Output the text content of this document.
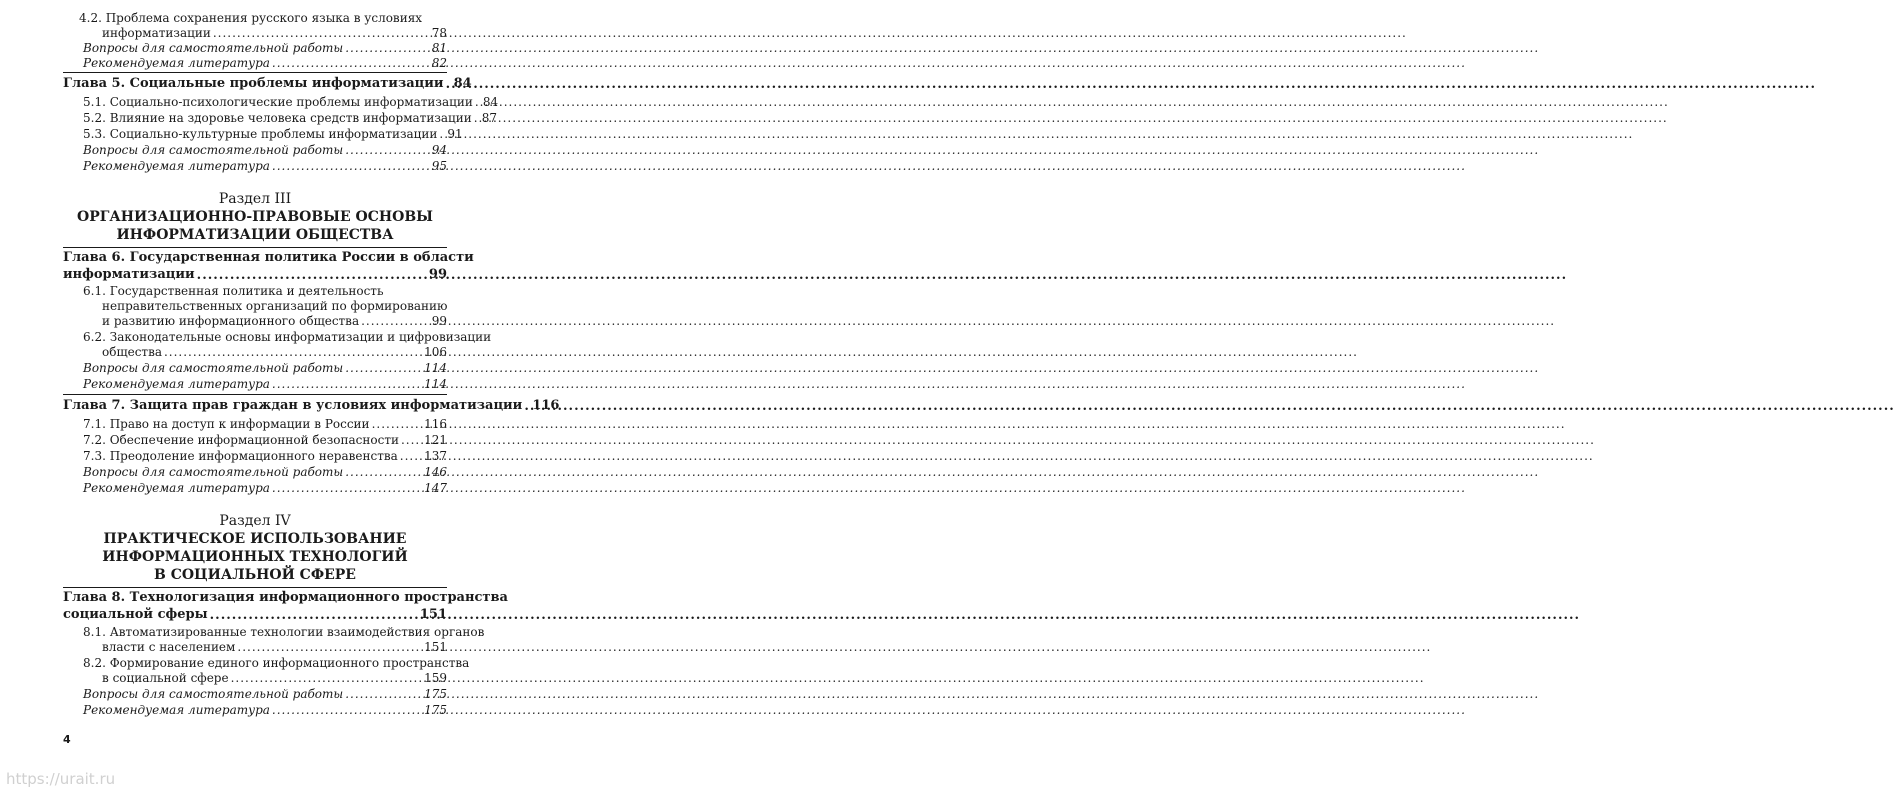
4.2. Проблема сохранения русского языка в условиях
информатизации .....	78
Вопросы для самостоятельной работы .....	81
Рекомендуемая литература .....	82
Глава 5. Социальные проблемы информатизации ..... 84
5.1. Социально-психологические проблемы информатизации ..... 84
5.2. Влияние на здоровье человека средств информатизации ..... 87
5.3. Социально-культурные проблемы информатизации ..... 91
Вопросы для самостоятельной работы .....	94
Рекомендуемая литература .....	95
Раздел III
ОРГАНИЗАЦИОННО-ПРАВОВЫЕ ОСНОВЫ
ИНФОРМАТИЗАЦИИ ОБЩЕСТВА
Глава 6. Государственная политика России в области
информатизации .....	99
6.1. Государственная политика и деятельность
неправительственных организаций по формированию
и развитию информационного общества .....	99
6.2. Законодательные основы информатизации и цифровизации
общества .....	106
Вопросы для самостоятельной работы .....	114
Рекомендуемая литература .....	114
Глава 7. Защита прав граждан в условиях информатизации ..... 116
7.1. Право на доступ к информации в России .....	116
7.2. Обеспечение информационной безопасности ..... 121
7.3. Преодоление информационного неравенства ..... 137
Вопросы для самостоятельной работы .....	146
Рекомендуемая литература .....	147
Раздел IV
ПРАКТИЧЕСКОЕ ИСПОЛЬЗОВАНИЕ
ИНФОРМАЦИОННЫХ ТЕХНОЛОГИЙ
В СОЦИАЛЬНОЙ СФЕРЕ
Глава 8. Технологизация информационного пространства
социальной сферы .....	151
8.1. Автоматизированные технологии взаимодействия органов
власти с населением .....	151
8.2. Формирование единого информационного пространства
в социальной сфере .....	159
Вопросы для самостоятельной работы .....	175
Рекомендуемая литература .....	175
4
https://urait.ru
